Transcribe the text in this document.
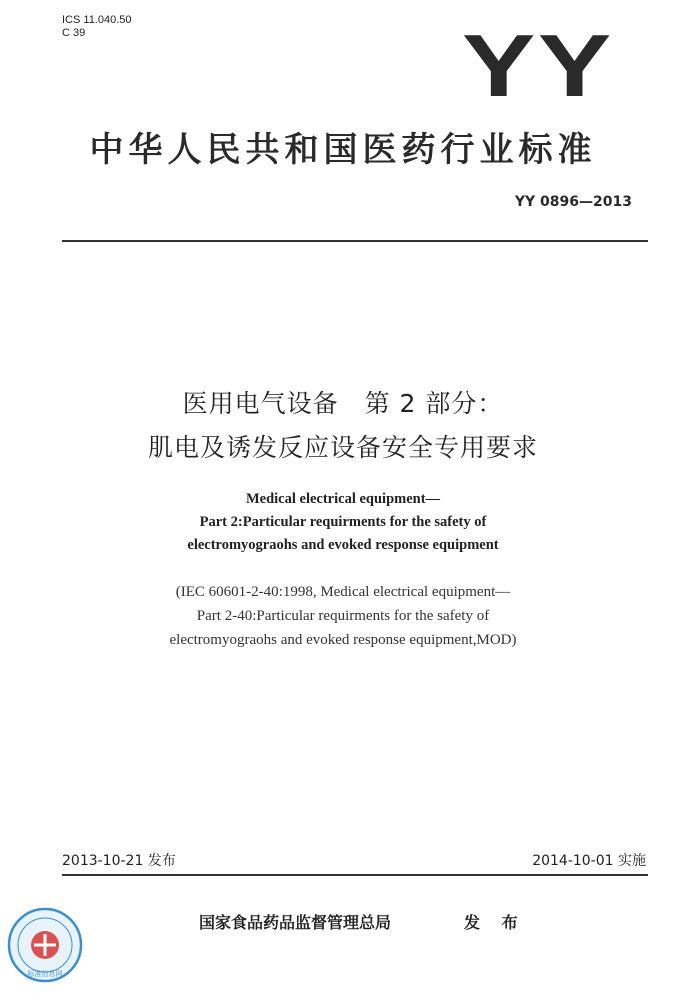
ICS 11.040.50
C 39	YY
中华人民共和国医药行业标准
YY 0896—2013
医用电气设备　第 2 部分：
肌电及诱发反应设备安全专用要求
Medical electrical equipment—
Part 2:Particular requirments for the safety of
electromyograohs and evoked response equipment
(IEC 60601-2-40:1998, Medical electrical equipment—
Part 2-40:Particular requirments for the safety of
electromyograohs and evoked response equipment,MOD)
2013-10-21 发布	2014-10-01 实施
标准信息网
国家食品药品监督管理总局	发 布
